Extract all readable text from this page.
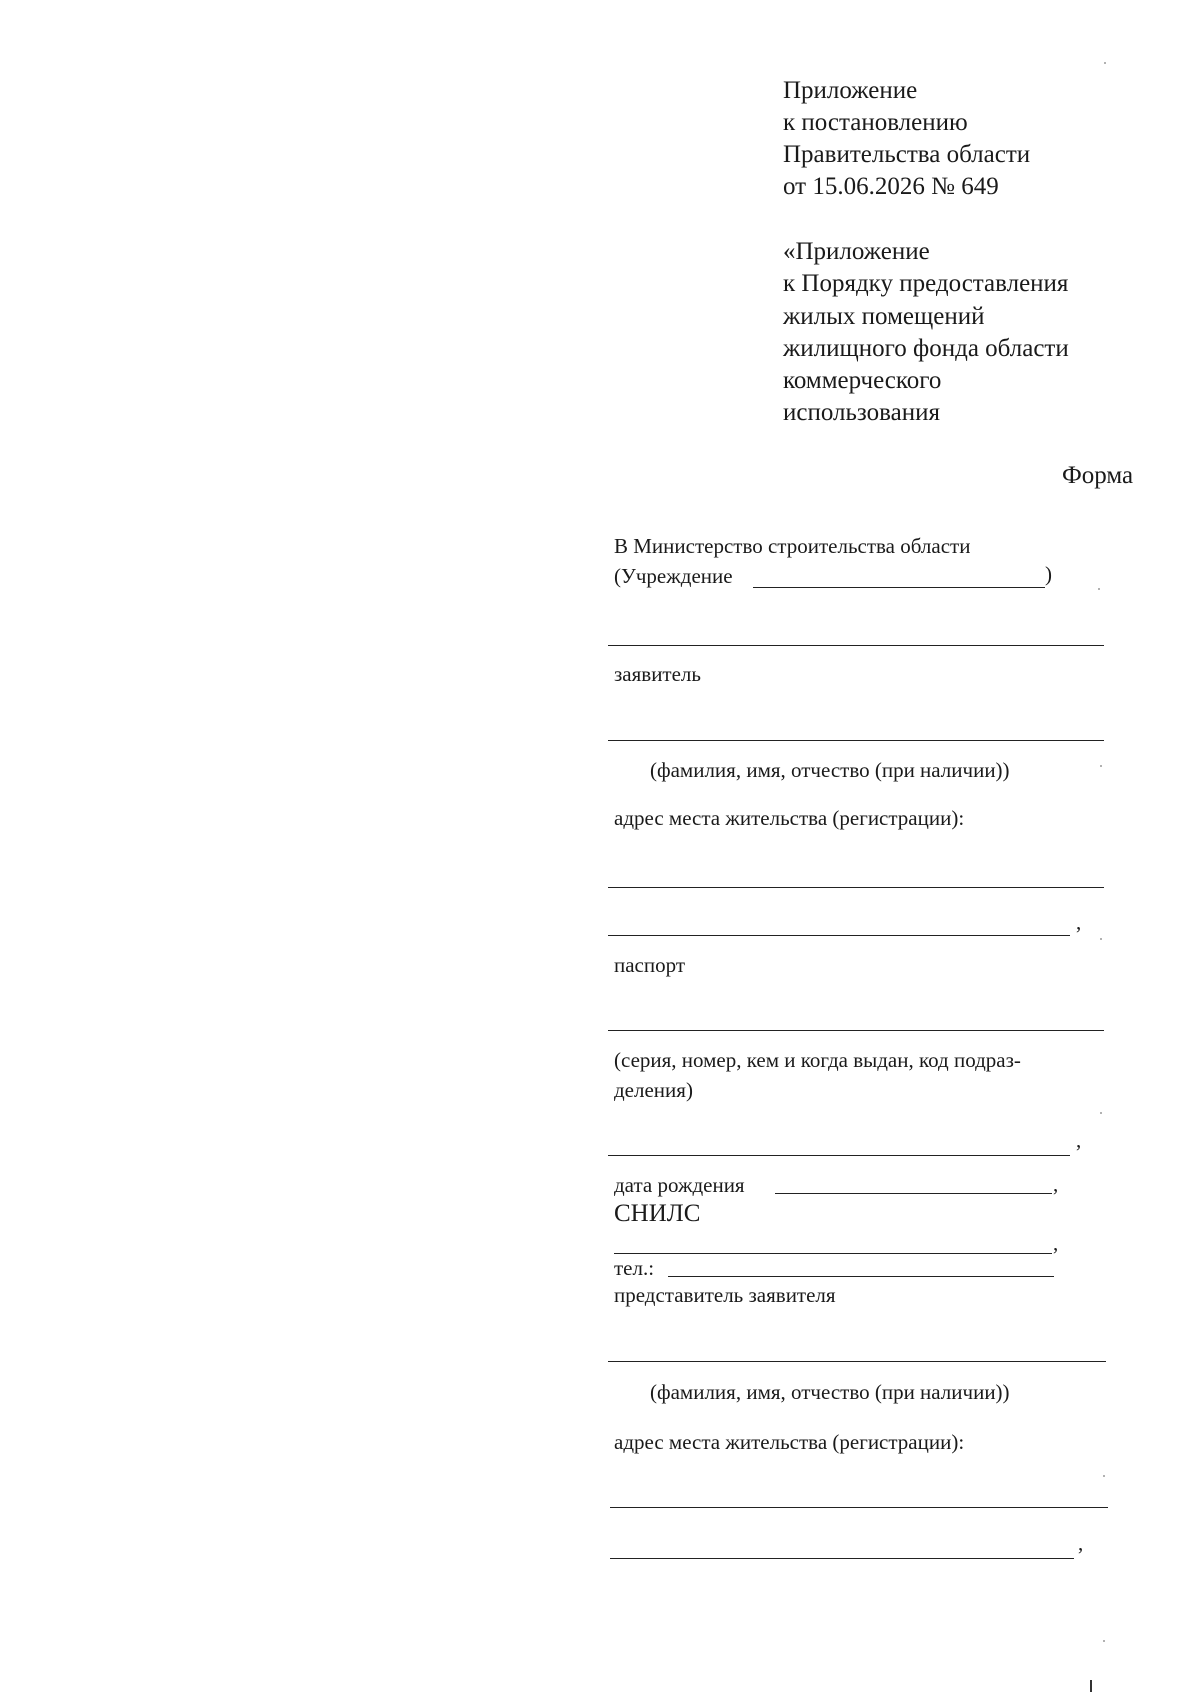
Приложение
к постановлению
Правительства области
от 15.06.2026 № 649
«Приложение
к Порядку предоставления
жилых помещений
жилищного фонда области
коммерческого
использования
Форма
В Министерство строительства области
(Учреждение	)
заявитель
(фамилия, имя, отчество (при наличии))
адрес места жительства (регистрации):
,
паспорт
(серия, номер, кем и когда выдан, код подраз-
деления)
,
дата рождения	,
СНИЛС
,
тел.:
представитель заявителя
(фамилия, имя, отчество (при наличии))
адрес места жительства (регистрации):
,
